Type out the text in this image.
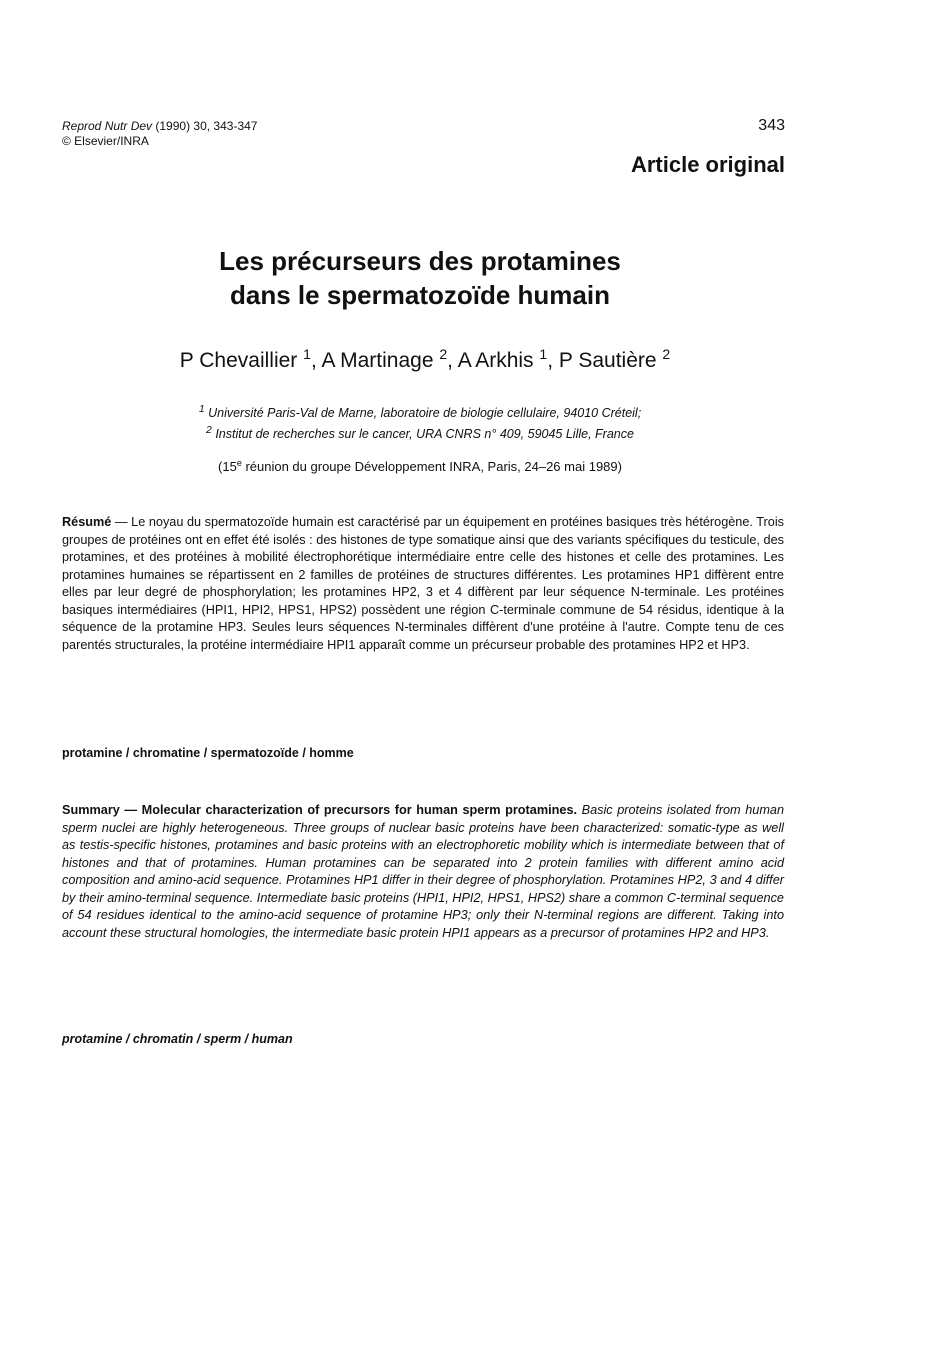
Reprod Nutr Dev (1990) 30, 343-347
© Elsevier/INRA
343
Article original
Les précurseurs des protamines
dans le spermatozoïde humain
P Chevaillier $^1$, A Martinage $^2$, A Arkhis $^1$, P Sautière $^2$
$^1$ Université Paris-Val de Marne, laboratoire de biologie cellulaire, 94010 Créteil;
$^2$ Institut de recherches sur le cancer, URA CNRS n° 409, 59045 Lille, France
(15e réunion du groupe Développement INRA, Paris, 24–26 mai 1989)
Résumé — Le noyau du spermatozoïde humain est caractérisé par un équipement en protéines basiques très hétérogène. Trois groupes de protéines ont en effet été isolés : des histones de type somatique ainsi que des variants spécifiques du testicule, des protamines, et des protéines à mobilité électrophorétique intermédiaire entre celle des histones et celle des protamines. Les protamines humaines se répartissent en 2 familles de protéines de structures différentes. Les protamines HP1 diffèrent entre elles par leur degré de phosphorylation; les protamines HP2, 3 et 4 diffèrent par leur séquence N-terminale. Les protéines basiques intermédiaires (HPI1, HPI2, HPS1, HPS2) possèdent une région C-terminale commune de 54 résidus, identique à la séquence de la protamine HP3. Seules leurs séquences N-terminales diffèrent d'une protéine à l'autre. Compte tenu de ces parentés structurales, la protéine intermédiaire HPI1 apparaît comme un précurseur probable des protamines HP2 et HP3.
protamine / chromatine / spermatozoïde / homme
Summary — Molecular characterization of precursors for human sperm protamines. Basic proteins isolated from human sperm nuclei are highly heterogeneous. Three groups of nuclear basic proteins have been characterized: somatic-type as well as testis-specific histones, protamines and basic proteins with an electrophoretic mobility which is intermediate between that of histones and that of protamines. Human protamines can be separated into 2 protein families with different amino acid composition and amino-acid sequence. Protamines HP1 differ in their degree of phosphorylation. Protamines HP2, 3 and 4 differ by their amino-terminal sequence. Intermediate basic proteins (HPI1, HPI2, HPS1, HPS2) share a common C-terminal sequence of 54 residues identical to the amino-acid sequence of protamine HP3; only their N-terminal regions are different. Taking into account these structural homologies, the intermediate basic protein HPI1 appears as a precursor of protamines HP2 and HP3.
protamine / chromatin / sperm / human
